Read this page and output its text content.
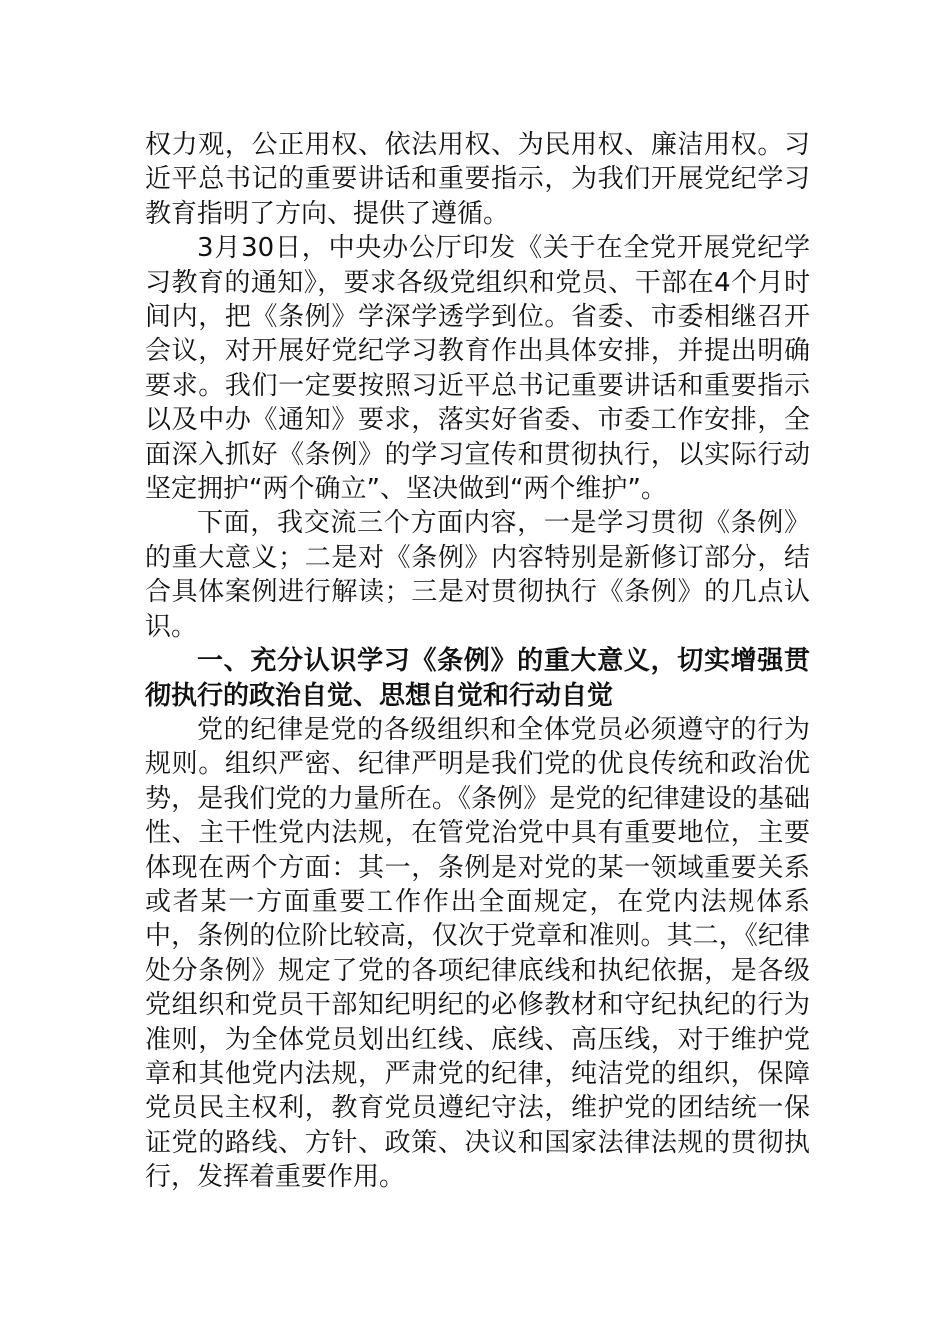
权力观，公正用权、依法用权、为民用权、廉洁用权。习近平总书记的重要讲话和重要指示，为我们开展党纪学习教育指明了方向、提供了遵循。

3月30日，中央办公厅印发《关于在全党开展党纪学习教育的通知》，要求各级党组织和党员、干部在4个月时间内，把《条例》学深学透学到位。省委、市委相继召开会议，对开展好党纪学习教育作出具体安排，并提出明确要求。我们一定要按照习近平总书记重要讲话和重要指示以及中办《通知》要求，落实好省委、市委工作安排，全面深入抓好《条例》的学习宣传和贯彻执行，以实际行动坚定拥护“两个确立”、坚决做到“两个维护”。

下面，我交流三个方面内容，一是学习贯彻《条例》的重大意义；二是对《条例》内容特别是新修订部分，结合具体案例进行解读；三是对贯彻执行《条例》的几点认识。

一、充分认识学习《条例》的重大意义，切实增强贯彻执行的政治自觉、思想自觉和行动自觉

党的纪律是党的各级组织和全体党员必须遵守的行为规则。组织严密、纪律严明是我们党的优良传统和政治优势，是我们党的力量所在。《条例》是党的纪律建设的基础性、主干性党内法规，在管党治党中具有重要地位，主要体现在两个方面：其一，条例是对党的某一领域重要关系或者某一方面重要工作作出全面规定，在党内法规体系中，条例的位阶比较高，仅次于党章和准则。其二，《纪律处分条例》规定了党的各项纪律底线和执纪依据，是各级党组织和党员干部知纪明纪的必修教材和守纪执纪的行为准则，为全体党员划出红线、底线、高压线，对于维护党章和其他党内法规，严肃党的纪律，纯洁党的组织，保障党员民主权利，教育党员遵纪守法，维护党的团结统一保证党的路线、方针、政策、决议和国家法律法规的贯彻执行，发挥着重要作用。
